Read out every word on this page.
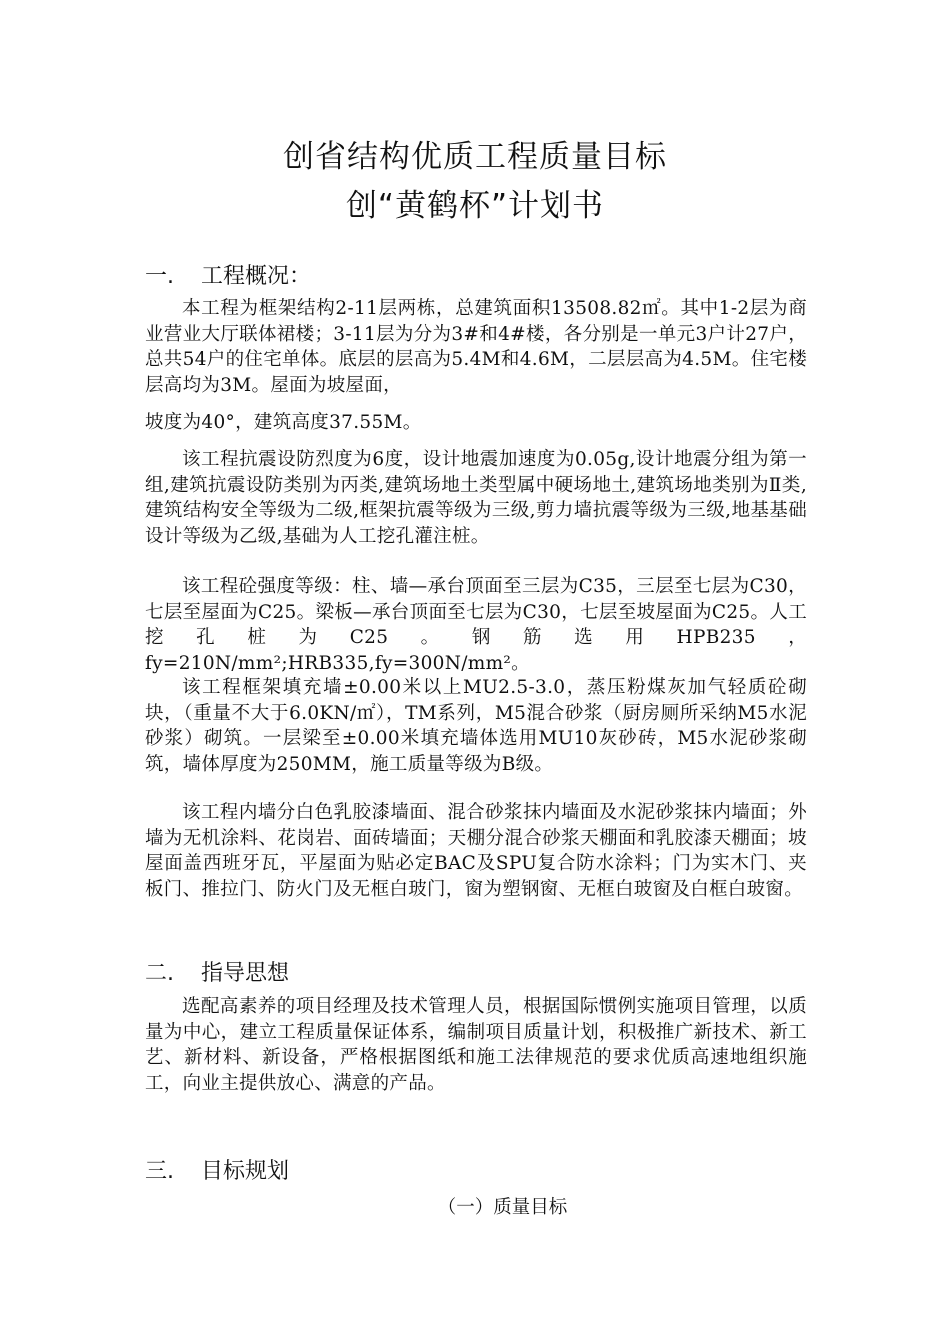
创省结构优质工程质量目标
创“黄鹤杯”计划书
一. 工程概况：

本工程为框架结构2-11层两栋，总建筑面积13508.82㎡。其中1-2层为商业营业大厅联体裙楼；3-11层为分为3#和4#楼，各分别是一单元3户计27户，总共54户的住宅单体。底层的层高为5.4M和4.6M，二层层高为4.5M。住宅楼层高均为3M。屋面为坡屋面，

坡度为40°，建筑高度37.55M。

该工程抗震设防烈度为6度，设计地震加速度为0.05g,设计地震分组为第一组,建筑抗震设防类别为丙类,建筑场地土类型属中硬场地土,建筑场地类别为Ⅱ类,建筑结构安全等级为二级,框架抗震等级为三级,剪力墙抗震等级为三级,地基基础设计等级为乙级,基础为人工挖孔灌注桩。

该工程砼强度等级：柱、墙—承台顶面至三层为C35，三层至七层为C30，七层至屋面为C25。梁板—承台顶面至七层为C30，七层至坡屋面为C25。人工挖孔桩为C25。钢筋选用HPB235，fy=210N/mm²;HRB335,fy=300N/mm²。

该工程框架填充墙±0.00米以上MU2.5-3.0，蒸压粉煤灰加气轻质砼砌块，（重量不大于6.0KN/㎡），TM系列，M5混合砂浆（厨房厕所采纳M5水泥砂浆）砌筑。一层梁至±0.00米填充墙体选用MU10灰砂砖，M5水泥砂浆砌筑，墙体厚度为250MM，施工质量等级为B级。

该工程内墙分白色乳胶漆墙面、混合砂浆抹内墙面及水泥砂浆抹内墙面；外墙为无机涂料、花岗岩、面砖墙面；天棚分混合砂浆天棚面和乳胶漆天棚面；坡屋面盖西班牙瓦，平屋面为贴必定BAC及SPU复合防水涂料；门为实木门、夹板门、推拉门、防火门及无框白玻门，窗为塑钢窗、无框白玻窗及白框白玻窗。

二. 指导思想

选配高素养的项目经理及技术管理人员，根据国际惯例实施项目管理，以质量为中心，建立工程质量保证体系，编制项目质量计划，积极推广新技术、新工艺、新材料、新设备，严格根据图纸和施工法律规范的要求优质高速地组织施工，向业主提供放心、满意的产品。

三. 目标规划

（一）质量目标
